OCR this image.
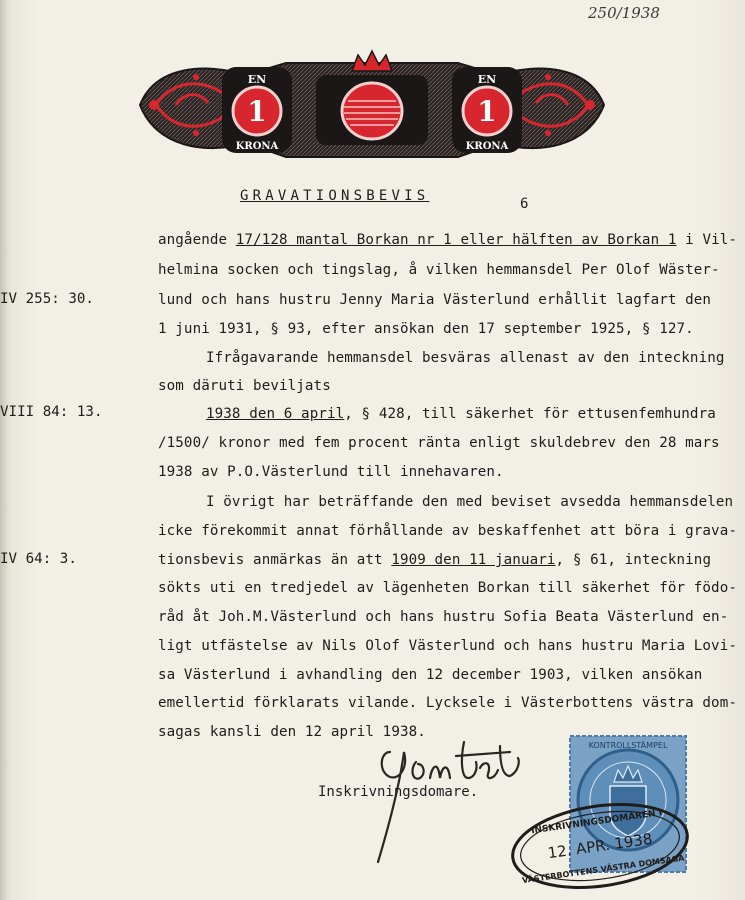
250/1938
1
EN
KRONA
1
EN
KRONA
GRAVATIONSBEVIS	6
IV 255: 30.
VIII 84: 13.
IV 64: 3.
angående 17/128 mantal Borkan nr 1 eller hälften av Borkan 1 i Vil-
helmina socken och tingslag, å vilken hemmansdel Per Olof Wäster-
lund och hans hustru Jenny Maria Västerlund erhållit lagfart den
1 juni 1931, § 93, efter ansökan den 17 september 1925, § 127.
Ifrågavarande hemmansdel besväras allenast av den inteckning
som däruti beviljats
1938 den 6 april, § 428, till säkerhet för ettusenfemhundra
/1500/ kronor med fem procent ränta enligt skuldebrev den 28 mars
1938 av P.O.Västerlund till innehavaren.
I övrigt har beträffande den med beviset avsedda hemmansdelen
icke förekommit annat förhållande av beskaffenhet att böra i grava-
tionsbevis anmärkas än att 1909 den 11 januari, § 61, inteckning
sökts uti en tredjedel av lägenheten Borkan till säkerhet för födo-
råd åt Joh.M.Västerlund och hans hustru Sofia Beata Västerlund en-
ligt utfästelse av Nils Olof Västerlund och hans hustru Maria Lovi-
sa Västerlund i avhandling den 12 december 1903, vilken ansökan
emellertid förklarats vilande. Lycksele i Västerbottens västra dom-
sagas kansli den 12 april 1938.
Inskrivningsdomare.
KONTROLLSTÄMPEL
INSKRIVNINGSDOMAREN I
12. APR. 1938
VÄSTERBOTTENS VÄSTRA DOMSAGA
